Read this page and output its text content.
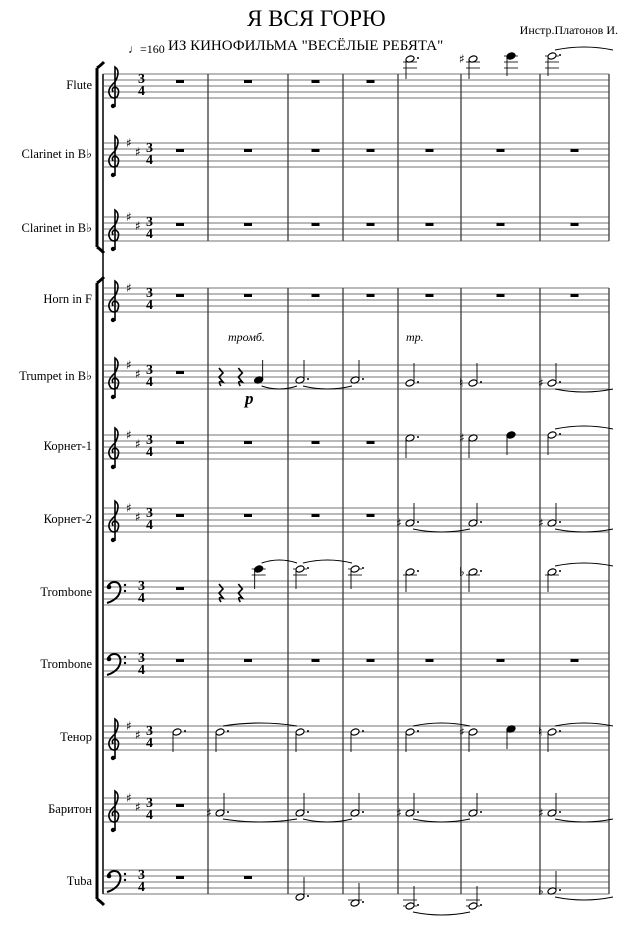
♯
♯
♯
♯
♯
♯
♯
♯
♮	♯
♯
♯	♯
♯
♯	♯	♯
♭
♯
♯	♯	♮
♯
♯	♯	♯	♯
♭
Я ВСЯ ГОРЮ
♩=160 ИЗ КИНОФИЛЬМА "ВЕСЁЛЫЕ РЕБЯТА"
Инстр.Платонов И.
Flute
Clarinet in B♭
Clarinet in B♭
Horn in F
Trumpet in B♭
Корнет-1
Корнет-2
Trombone
Trombone
Тенор
Баритон
Tuba
3
4
3
4
3
4
3
4
3
4
3
4
3
4
3
4
3
4
3
4
3
4
3
4
тромб.	тр.
p
